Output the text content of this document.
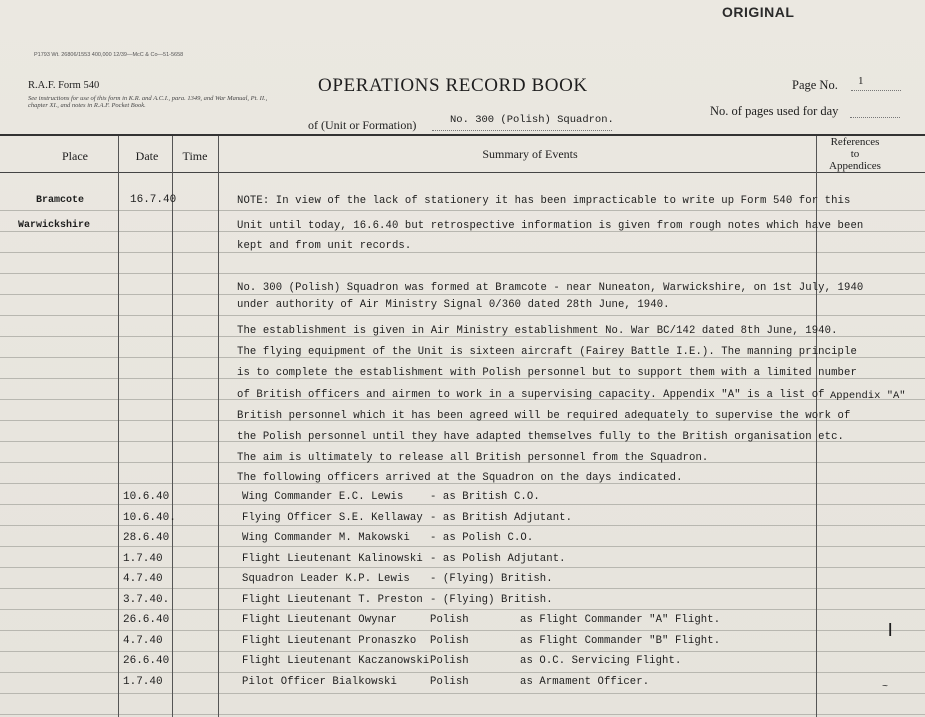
ORIGINAL
P1793 Wt. 26806/1553 400,000 12/39—McC & Co—51-5658
R.A.F. Form 540
See instructions for use of this form in K.R. and A.C.I., para. 1349, and War Manual, Pt. II., chapter XI., and notes in R.A.F. Pocket Book.
OPERATIONS RECORD BOOK	Page No. 1
No. of pages used for day
of (Unit or Formation)	No. 300 (Polish) Squadron.
Place	Date	Time	Summary of Events
References
to
Appendices
Bramcote	16.7.40	NOTE: In view of the lack of stationery it has been impracticable to write up Form 540 for this
Warwickshire	Unit until today, 16.6.40 but retrospective information is given from rough notes which have been
kept and from unit records.
No. 300 (Polish) Squadron was formed at Bramcote - near Nuneaton, Warwickshire, on 1st July, 1940
under authority of Air Ministry Signal 0/360 dated 28th June, 1940.
The establishment is given in Air Ministry establishment No. War BC/142 dated 8th June, 1940.
The flying equipment of the Unit is sixteen aircraft (Fairey Battle I.E.). The manning principle
is to complete the establishment with Polish personnel but to support them with a limited number
of British officers and airmen to work in a supervising capacity. Appendix "A" is a list of Appendix "A"
British personnel which it has been agreed will be required adequately to supervise the work of
the Polish personnel until they have adapted themselves fully to the British organisation etc.
The aim is ultimately to release all British personnel from the Squadron.
The following officers arrived at the Squadron on the days indicated.
10.6.40	Wing Commander E.C. Lewis	- as British C.O.
10.6.40.	Flying Officer S.E. Kellaway - as British Adjutant.
28.6.40	Wing Commander M. Makowski - as Polish C.O.
1.7.40	Flight Lieutenant Kalinowski - as Polish Adjutant.
4.7.40	Squadron Leader K.P. Lewis - (Flying) British.
3.7.40.	Flight Lieutenant T. Preston - (Flying) British.
26.6.40	Flight Lieutenant Owynar	Polish	as Flight Commander "A" Flight.
4.7.40	Flight Lieutenant Pronaszko Polish	as Flight Commander "B" Flight.
26.6.40	Flight Lieutenant Kaczanowski Polish	as O.C. Servicing Flight.
1.7.40	Pilot Officer Bialkowski	Polish	as Armament Officer.
|
~
